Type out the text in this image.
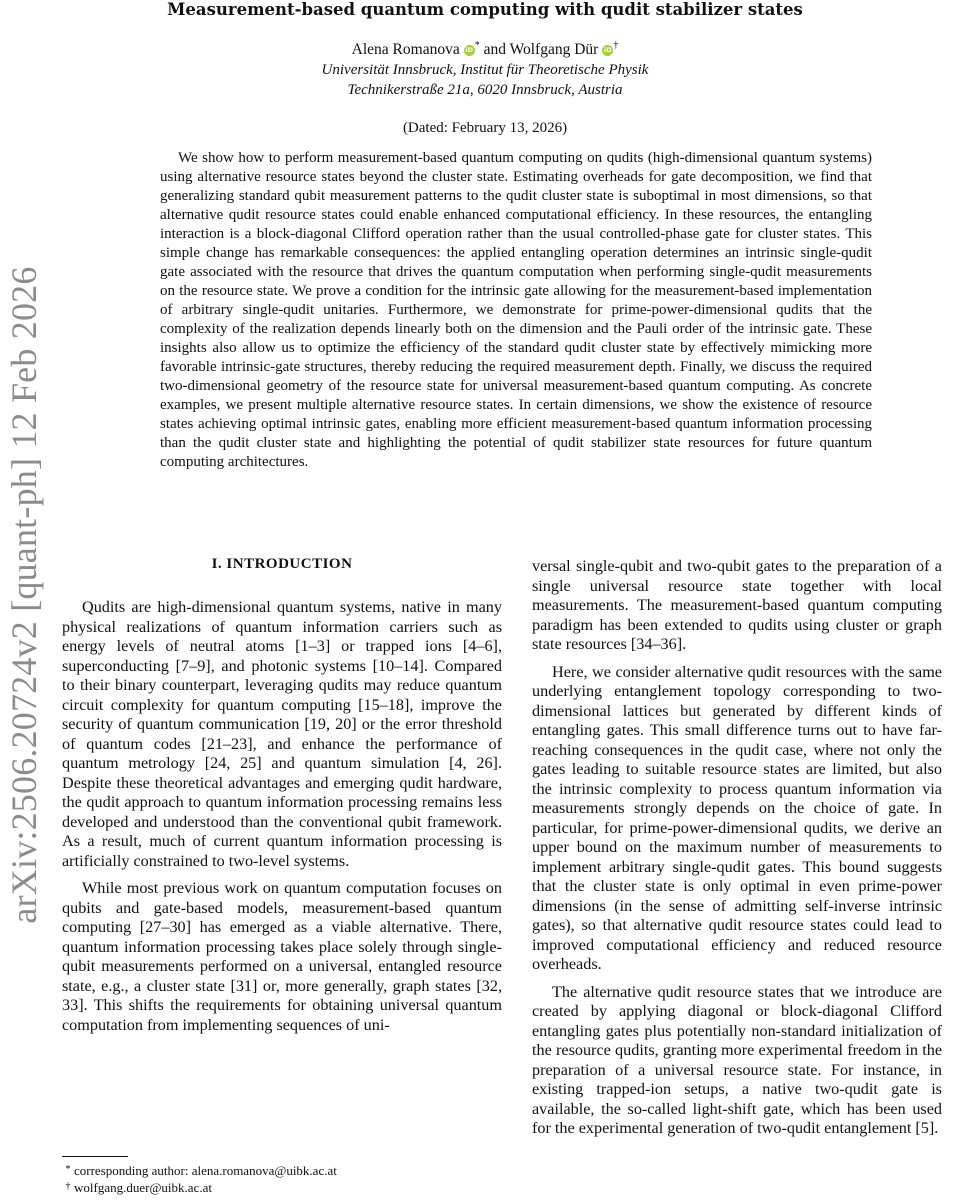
arXiv:2506.20724v2 [quant-ph] 12 Feb 2026
Measurement-based quantum computing with qudit stabilizer states
Alena Romanova iD * and Wolfgang Dür iD †
Universität Innsbruck, Institut für Theoretische Physik
Technikerstraße 21a, 6020 Innsbruck, Austria
(Dated: February 13, 2026)

We show how to perform measurement-based quantum computing on qudits (high-dimensional quantum systems) using alternative resource states beyond the cluster state. Estimating overheads for gate decomposition, we find that generalizing standard qubit measurement patterns to the qudit cluster state is suboptimal in most dimensions, so that alternative qudit resource states could enable enhanced computational efficiency. In these resources, the entangling interaction is a block-diagonal Clifford operation rather than the usual controlled-phase gate for cluster states. This simple change has remarkable consequences: the applied entangling operation determines an intrinsic single-qudit gate associated with the resource that drives the quantum computation when performing single-qudit measurements on the resource state. We prove a condition for the intrinsic gate allowing for the measurement-based implementation of arbitrary single-qudit unitaries. Furthermore, we demonstrate for prime-power-dimensional qudits that the complexity of the realization depends linearly both on the dimension and the Pauli order of the intrinsic gate. These insights also allow us to optimize the efficiency of the standard qudit cluster state by effectively mimicking more favorable intrinsic-gate structures, thereby reducing the required measurement depth. Finally, we discuss the required two-dimensional geometry of the resource state for universal measurement-based quantum computing. As concrete examples, we present multiple alternative resource states. In certain dimensions, we show the existence of resource states achieving optimal intrinsic gates, enabling more efficient measurement-based quantum information processing than the qudit cluster state and highlighting the potential of qudit stabilizer state resources for future quantum computing architectures.

I. INTRODUCTION

Qudits are high-dimensional quantum systems, native in many physical realizations of quantum information carriers such as energy levels of neutral atoms [1–3] or trapped ions [4–6], superconducting [7–9], and photonic systems [10–14]. Compared to their binary counterpart, leveraging qudits may reduce quantum circuit complexity for quantum computing [15–18], improve the security of quantum communication [19, 20] or the error threshold of quantum codes [21–23], and enhance the performance of quantum metrology [24, 25] and quantum simulation [4, 26]. Despite these theoretical advantages and emerging qudit hardware, the qudit approach to quantum information processing remains less developed and understood than the conventional qubit framework. As a result, much of current quantum information processing is artificially constrained to two-level systems.

While most previous work on quantum computation focuses on qubits and gate-based models, measurement-based quantum computing [27–30] has emerged as a viable alternative. There, quantum information processing takes place solely through single-qubit measurements performed on a universal, entangled resource state, e.g., a cluster state [31] or, more generally, graph states [32, 33]. This shifts the requirements for obtaining universal quantum computation from implementing sequences of uni-

versal single-qubit and two-qubit gates to the preparation of a single universal resource state together with local measurements. The measurement-based quantum computing paradigm has been extended to qudits using cluster or graph state resources [34–36].

Here, we consider alternative qudit resources with the same underlying entanglement topology corresponding to two-dimensional lattices but generated by different kinds of entangling gates. This small difference turns out to have far-reaching consequences in the qudit case, where not only the gates leading to suitable resource states are limited, but also the intrinsic complexity to process quantum information via measurements strongly depends on the choice of gate. In particular, for prime-power-dimensional qudits, we derive an upper bound on the maximum number of measurements to implement arbitrary single-qudit gates. This bound suggests that the cluster state is only optimal in even prime-power dimensions (in the sense of admitting self-inverse intrinsic gates), so that alternative qudit resource states could lead to improved computational efficiency and reduced resource overheads.

The alternative qudit resource states that we introduce are created by applying diagonal or block-diagonal Clifford entangling gates plus potentially non-standard initialization of the resource qudits, granting more experimental freedom in the preparation of a universal resource state. For instance, in existing trapped-ion setups, a native two-qudit gate is available, the so-called light-shift gate, which has been used for the experimental generation of two-qudit entanglement [5].

* corresponding author: alena.romanova@uibk.ac.at
† wolfgang.duer@uibk.ac.at
